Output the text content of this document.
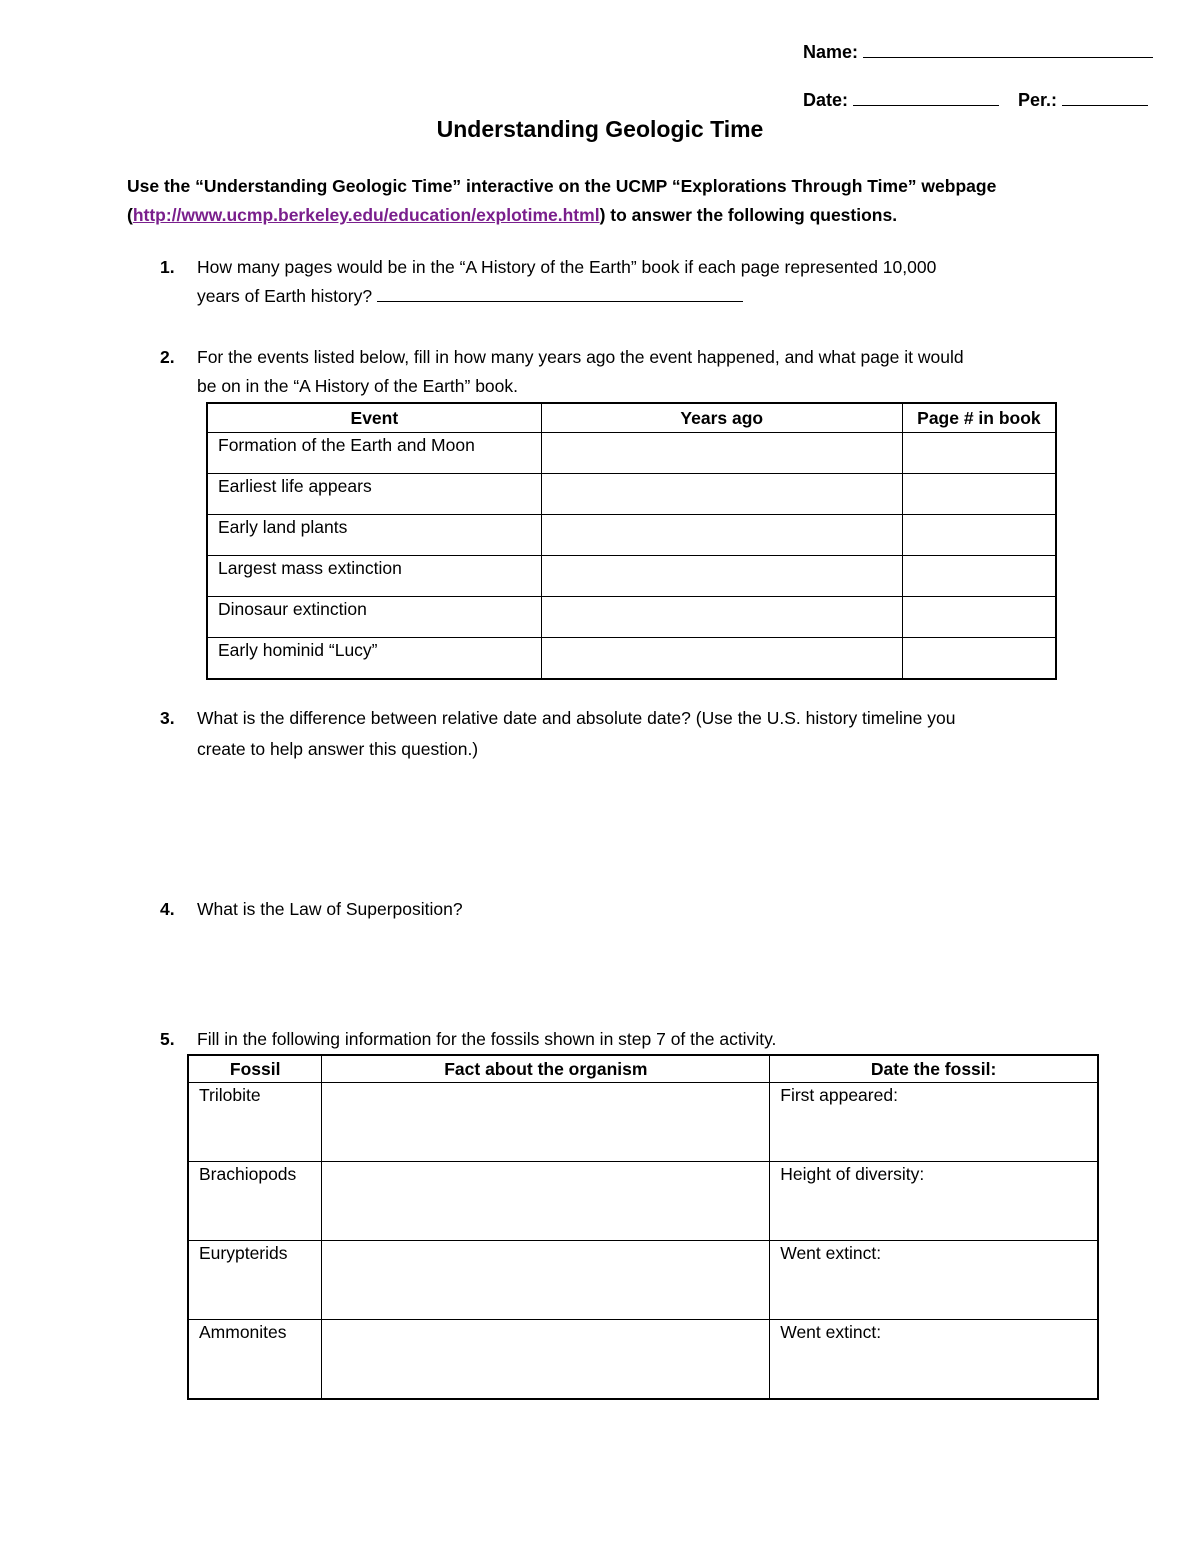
Name:
Date:	Per.:
Understanding Geologic Time
Use the “Understanding Geologic Time” interactive on the UCMP “Explorations Through Time” webpage
(http://www.ucmp.berkeley.edu/education/explotime.html) to answer the following questions.
1.	How many pages would be in the “A History of the Earth” book if each page represented 10,000
years of Earth history?
2.	For the events listed below, fill in how many years ago the event happened, and what page it would
be on in the “A History of the Earth” book.
Event	Years ago	Page # in book
Formation of the Earth and Moon		
Earliest life appears		
Early land plants		
Largest mass extinction		
Dinosaur extinction		
Early hominid “Lucy”		
3.	What is the difference between relative date and absolute date? (Use the U.S. history timeline you
create to help answer this question.)
4.	What is the Law of Superposition?
5.	Fill in the following information for the fossils shown in step 7 of the activity.
Fossil	Fact about the organism	Date the fossil:
Trilobite		First appeared:
Brachiopods		Height of diversity:
Eurypterids		Went extinct:
Ammonites		Went extinct:
